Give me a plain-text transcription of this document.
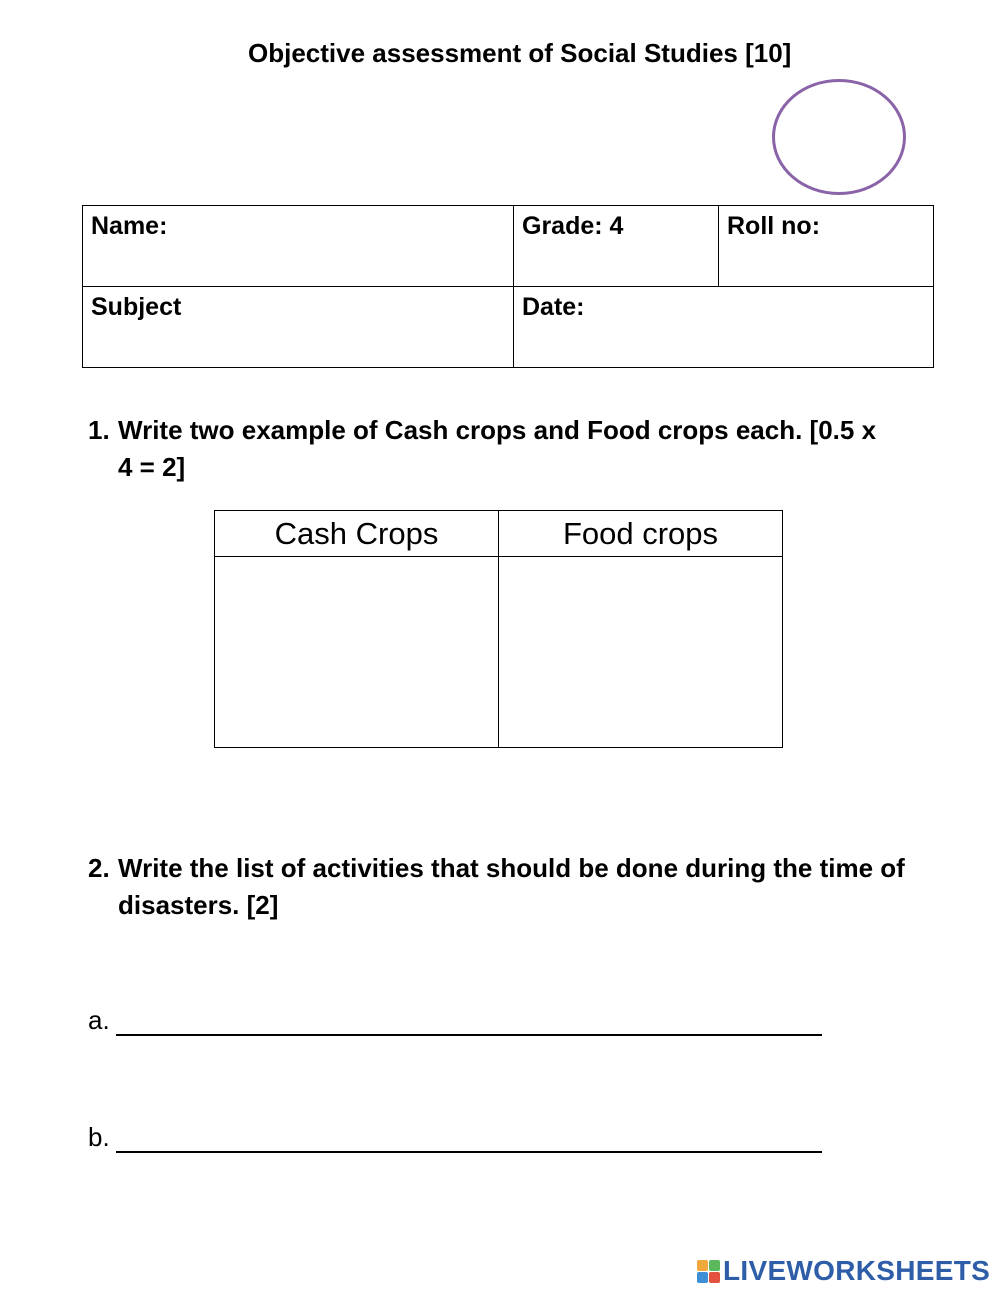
Objective assessment of Social Studies [10]
Name:	Grade: 4	Roll no:
Subject	Date:	
1. Write two example of Cash crops and Food crops each. [0.5 x 4 = 2]
Cash Crops	Food crops

2. Write the list of activities that should be done during the time of disasters. [2]
a.
b.
LIVEWORKSHEETS
